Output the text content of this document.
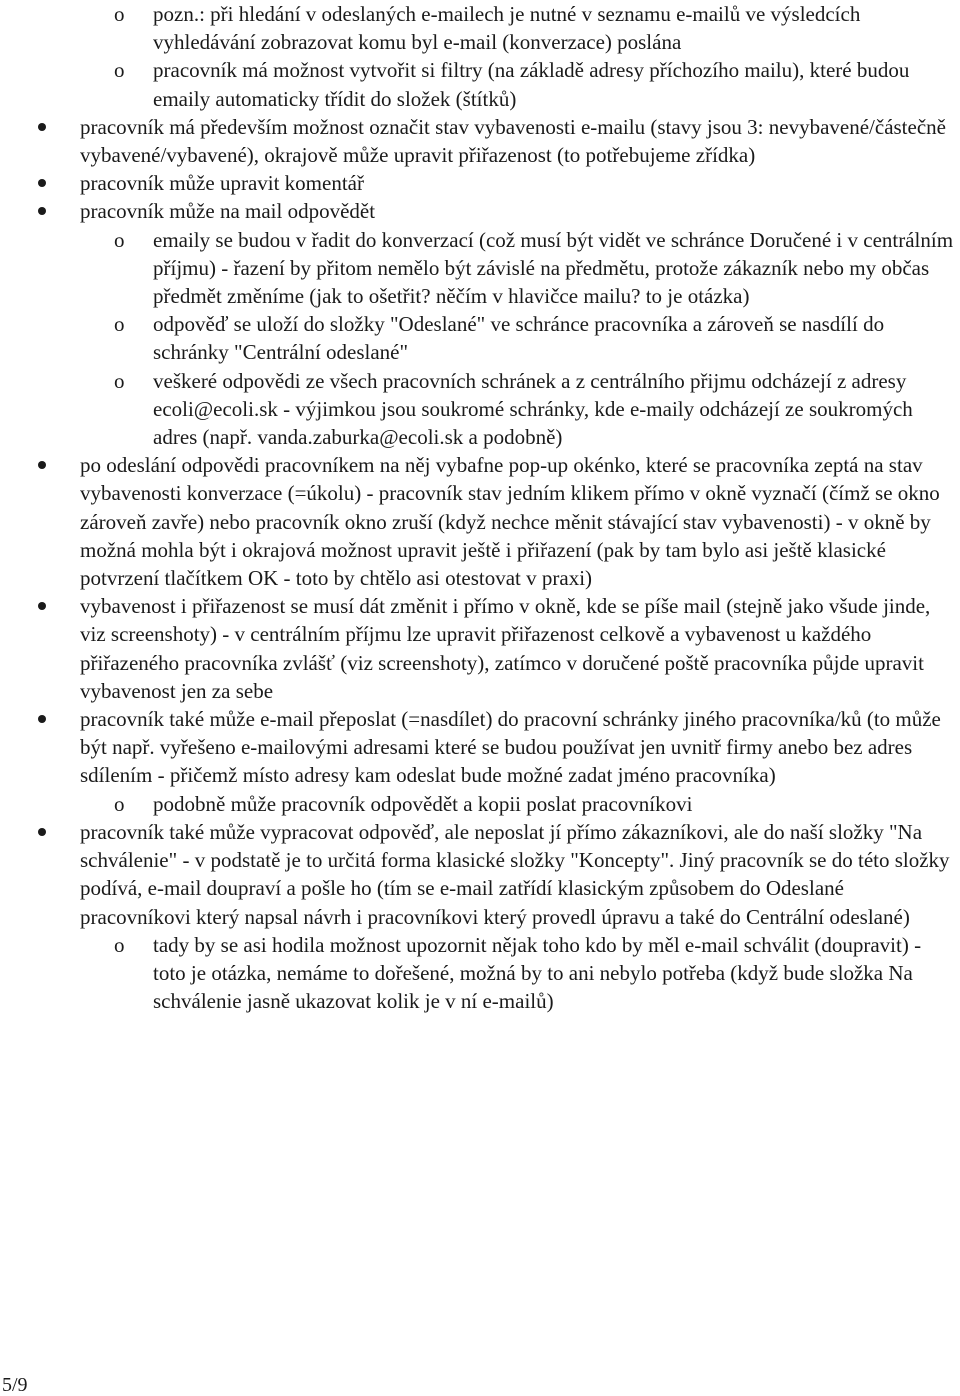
o pozn.: při hledání v odeslaných e-mailech je nutné v seznamu e-mailů ve výsledcích vyhledávání zobrazovat komu byl e-mail (konverzace) poslána
o pracovník má možnost vytvořit si filtry (na základě adresy příchozího mailu), které budou emaily automaticky třídit do složek (štítků)
pracovník má především možnost označit stav vybavenosti e-mailu (stavy jsou 3: nevybavené/částečně vybavené/vybavené), okrajově může upravit přiřazenost (to potřebujeme zřídka)
pracovník může upravit komentář
pracovník může na mail odpovědět
o emaily se budou v řadit do konverzací (což musí být vidět ve schránce Doručené i v centrálním příjmu) - řazení by přitom nemělo být závislé na předmětu, protože zákazník nebo my občas předmět změníme (jak to ošetřit? něčím v hlavičce mailu? to je otázka)
o odpověď se uloží do složky "Odeslané" ve schránce pracovníka a zároveň se nasdílí do schránky "Centrální odeslané"
o veškeré odpovědi ze všech pracovních schránek a z centrálního přijmu odcházejí z adresy ecoli@ecoli.sk - výjimkou jsou soukromé schránky, kde e-maily odcházejí ze soukromých adres (např. vanda.zaburka@ecoli.sk a podobně)
po odeslání odpovědi pracovníkem na něj vybafne pop-up okénko, které se pracovníka zeptá na stav vybavenosti konverzace (=úkolu) - pracovník stav jedním klikem přímo v okně vyznačí (čímž se okno zároveň zavře) nebo pracovník okno zruší (když nechce měnit stávající stav vybavenosti) - v okně by možná mohla být i okrajová možnost upravit ještě i přiřazení (pak by tam bylo asi ještě klasické potvrzení tlačítkem OK - toto by chtělo asi otestovat v praxi)
vybavenost i přiřazenost se musí dát změnit i přímo v okně, kde se píše mail (stejně jako všude jinde, viz screenshoty) - v centrálním příjmu lze upravit přiřazenost celkově a vybavenost u každého přiřazeného pracovníka zvlášť (viz screenshoty), zatímco v doručené poště pracovníka půjde upravit vybavenost jen za sebe
pracovník také může e-mail přeposlat (=nasdílet) do pracovní schránky jiného pracovníka/ků (to může být např. vyřešeno e-mailovými adresami které se budou používat jen uvnitř firmy anebo bez adres sdílením - přičemž místo adresy kam odeslat bude možné zadat jméno pracovníka)
o podobně může pracovník odpovědět a kopii poslat pracovníkovi
pracovník také může vypracovat odpověď, ale neposlat jí přímo zákazníkovi, ale do naší složky "Na schválenie" - v podstatě je to určitá forma klasické složky "Koncepty". Jiný pracovník se do této složky podívá, e-mail doupraví a pošle ho (tím se e-mail zatřídí klasickým způsobem do Odeslané pracovníkovi který napsal návrh i pracovníkovi který provedl úpravu a také do Centrální odeslané)
o tady by se asi hodila možnost upozornit nějak toho kdo by měl e-mail schválit (doupravit) - toto je otázka, nemáme to dořešené, možná by to ani nebylo potřeba (když bude složka Na schválenie jasně ukazovat kolik je v ní e-mailů)
5/9
